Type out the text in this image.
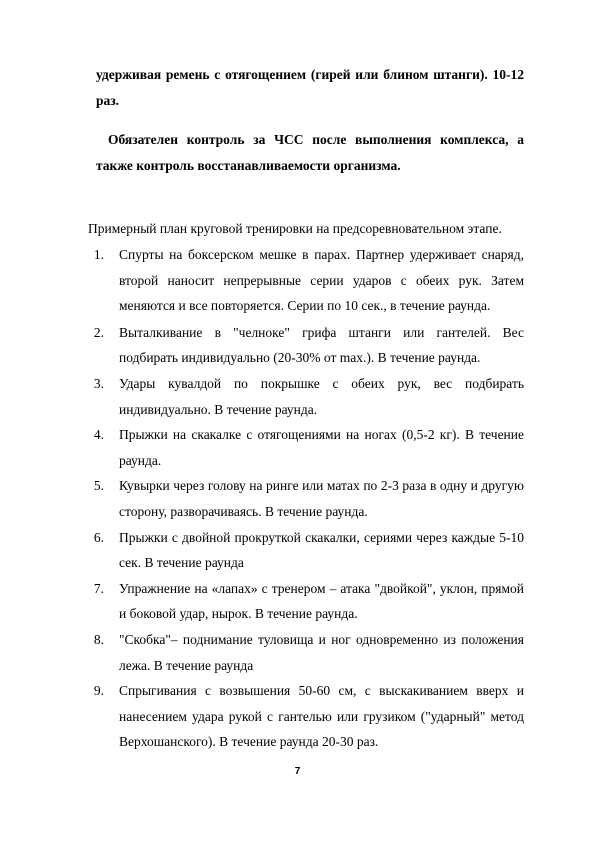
удерживая ремень с отягощением (гирей или блином штанги). 10-12 раз.
Обязателен контроль за ЧСС после выполнения комплекса, а также контроль восстанавливаемости организма.
Примерный план круговой тренировки на предсоревновательном этапе.
1. Спурты на боксерском мешке в парах. Партнер удерживает снаряд, второй наносит непрерывные серии ударов с обеих рук. Затем меняются и все повторяется. Серии по 10 сек., в течение раунда.
2. Выталкивание в "челноке" грифа штанги или гантелей. Вес подбирать индивидуально (20-30% от max.). В течение раунда.
3. Удары кувалдой по покрышке с обеих рук, вес подбирать индивидуально. В течение раунда.
4. Прыжки на скакалке с отягощениями на ногах (0,5-2 кг). В течение раунда.
5. Кувырки через голову на ринге или матах по 2-3 раза в одну и другую сторону, разворачиваясь. В течение раунда.
6. Прыжки с двойной прокруткой скакалки, сериями через каждые 5-10 сек. В течение раунда
7. Упражнение на «лапах» с тренером – атака "двойкой", уклон, прямой и боковой удар, нырок. В течение раунда.
8. "Скобка"– поднимание туловища и ног одновременно из положения лежа. В течение раунда
9. Спрыгивания с возвышения 50-60 см, с выскакиванием вверх и нанесением удара рукой с гантелью или грузиком ("ударный" метод Верхошанского). В течение раунда 20-30 раз.
7
